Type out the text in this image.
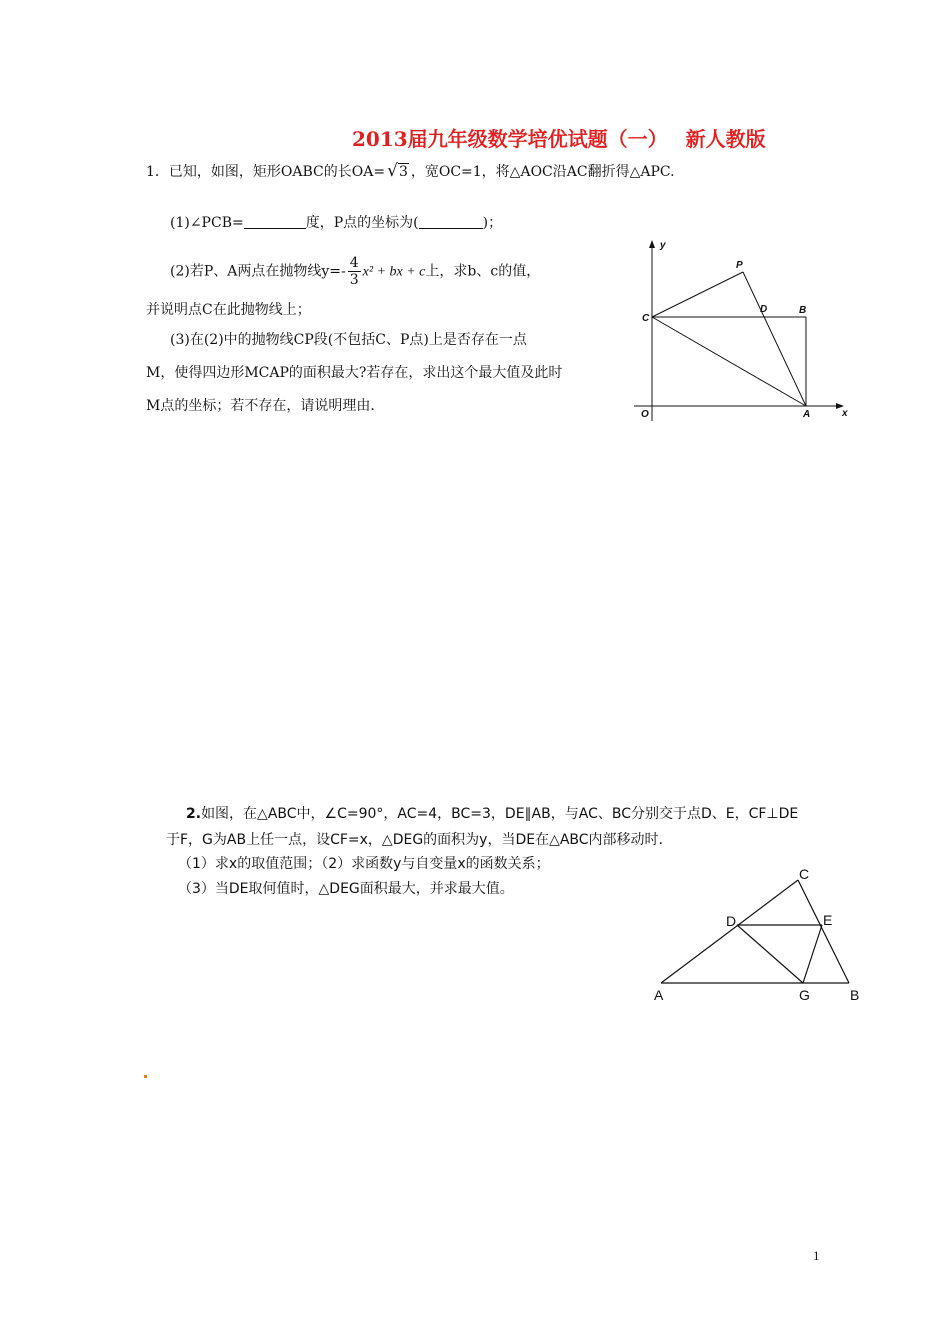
2013届九年级数学培优试题（一） 新人教版
1．已知，如图，矩形OABC的长OA= √3 ，宽OC=1，将△AOC沿AC翻折得△APC.
(1)∠PCB=	度，P点的坐标为(	)；
(2)若P、A两点在抛物线$y=- \frac{4}{3} x^2$ + bx + c上，求b、c的值，
并说明点C在此抛物线上；
(3)在(2)中的抛物线CP段(不包括C、P点)上是否存在一点
M，使得四边形MCAP的面积最大?若存在，求出这个最大值及此时
M点的坐标；若不存在，请说明理由.
y
x
O
C
P
D	B
A
2.如图，在△ABC中，∠C=90°，AC=4，BC=3，DE∥AB，与AC、BC分别交于点D、E，CF⊥DE
于F，G为AB上任一点，设CF=x，△DEG的面积为y，当DE在△ABC内部移动时.
（1）求x的取值范围；（2）求函数y与自变量x的函数关系；
（3）当DE取何值时，△DEG面积最大，并求最大值。
C
D	E
A	G	B
1
